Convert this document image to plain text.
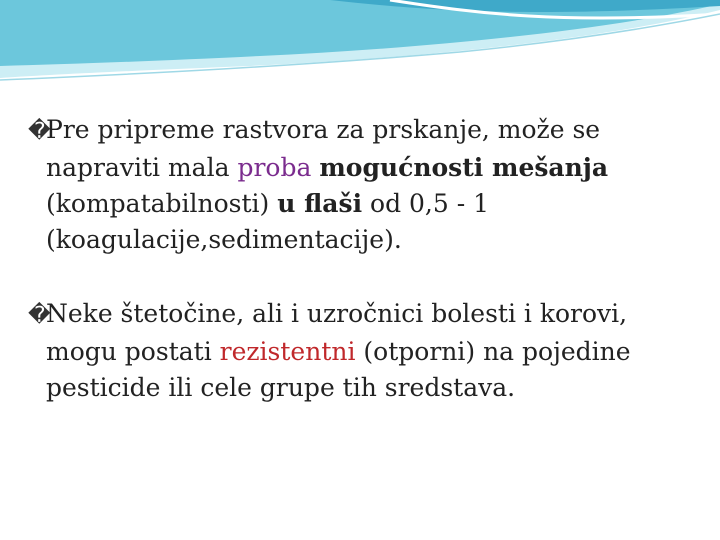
�Pre pripreme rastvora za prskanje, može se napraviti mala proba mogućnosti mešanja (kompatabilnosti) u flaši od 0,5 - 1 (koagulacije,sedimentacije).

�Neke štetočine, ali i uzročnici bolesti i korovi, mogu postati rezistentni (otporni) na pojedine pesticide ili cele grupe tih sredstava.
